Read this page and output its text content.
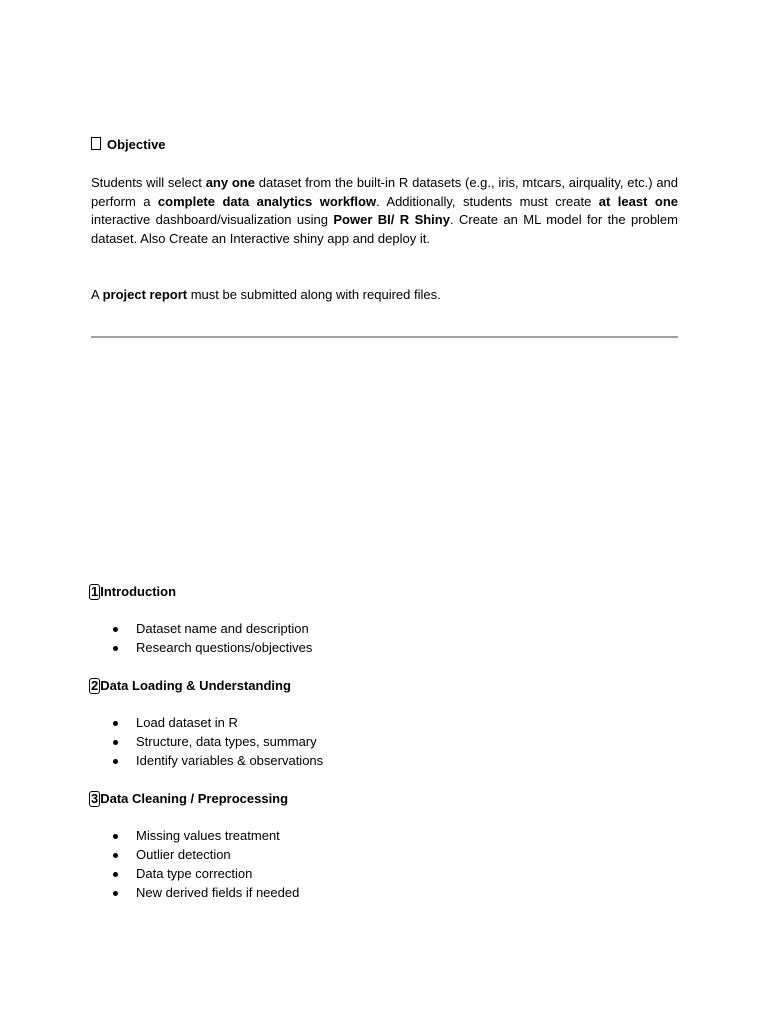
Objective
Students will select any one dataset from the built-in R datasets (e.g., iris, mtcars, airquality, etc.) and perform a complete data analytics workflow. Additionally, students must create at least one interactive dashboard/visualization using Power BI/ R Shiny. Create an ML model for the problem dataset. Also Create an Interactive shiny app and deploy it.
A project report must be submitted along with required files.
1 Introduction
Dataset name and description
Research questions/objectives
2 Data Loading & Understanding
Load dataset in R
Structure, data types, summary
Identify variables & observations
3 Data Cleaning / Preprocessing
Missing values treatment
Outlier detection
Data type correction
New derived fields if needed
